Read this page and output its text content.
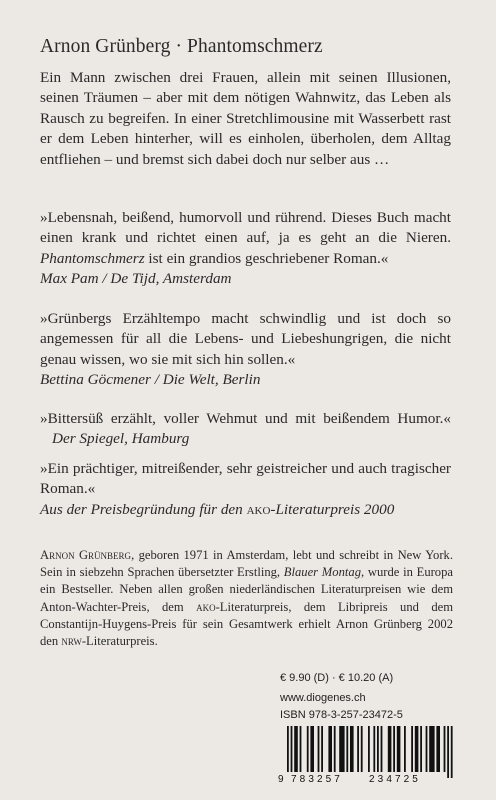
Arnon Grünberg · Phantomschmerz
Ein Mann zwischen drei Frauen, allein mit seinen Illusionen, seinen Träumen – aber mit dem nötigen Wahnwitz, das Leben als Rausch zu begreifen. In einer Stretchlimousine mit Wasserbett rast er dem Leben hinterher, will es einholen, überholen, dem Alltag entfliehen – und bremst sich dabei doch nur selber aus …
»Lebensnah, beißend, humorvoll und rührend. Dieses Buch macht einen krank und richtet einen auf, ja es geht an die Nieren. Phantomschmerz ist ein grandios geschriebener Roman.«
Max Pam / De Tijd, Amsterdam
»Grünbergs Erzähltempo macht schwindlig und ist doch so angemessen für all die Lebens- und Liebeshungrigen, die nicht genau wissen, wo sie mit sich hin sollen.«
Bettina Göcmener / Die Welt, Berlin
»Bittersüß erzählt, voller Wehmut und mit beißendem Humor.« Der Spiegel, Hamburg
»Ein prächtiger, mitreißender, sehr geistreicher und auch tragischer Roman.«
Aus der Preisbegründung für den ako-Literaturpreis 2000
Arnon Grünberg, geboren 1971 in Amsterdam, lebt und schreibt in New York. Sein in siebzehn Sprachen übersetzter Erstling, Blauer Montag, wurde in Europa ein Bestseller. Neben allen großen niederländischen Literaturpreisen wie dem Anton-Wachter-Preis, dem ako-Literaturpreis, dem Libripreis und dem Constantijn-Huygens-Preis für sein Gesamtwerk erhielt Arnon Grünberg 2002 den nrw-Literaturpreis.
€ 9.90 (D) · € 10.20 (A)
www.diogenes.ch
ISBN 978-3-257-23472-5
9 783257	234725
